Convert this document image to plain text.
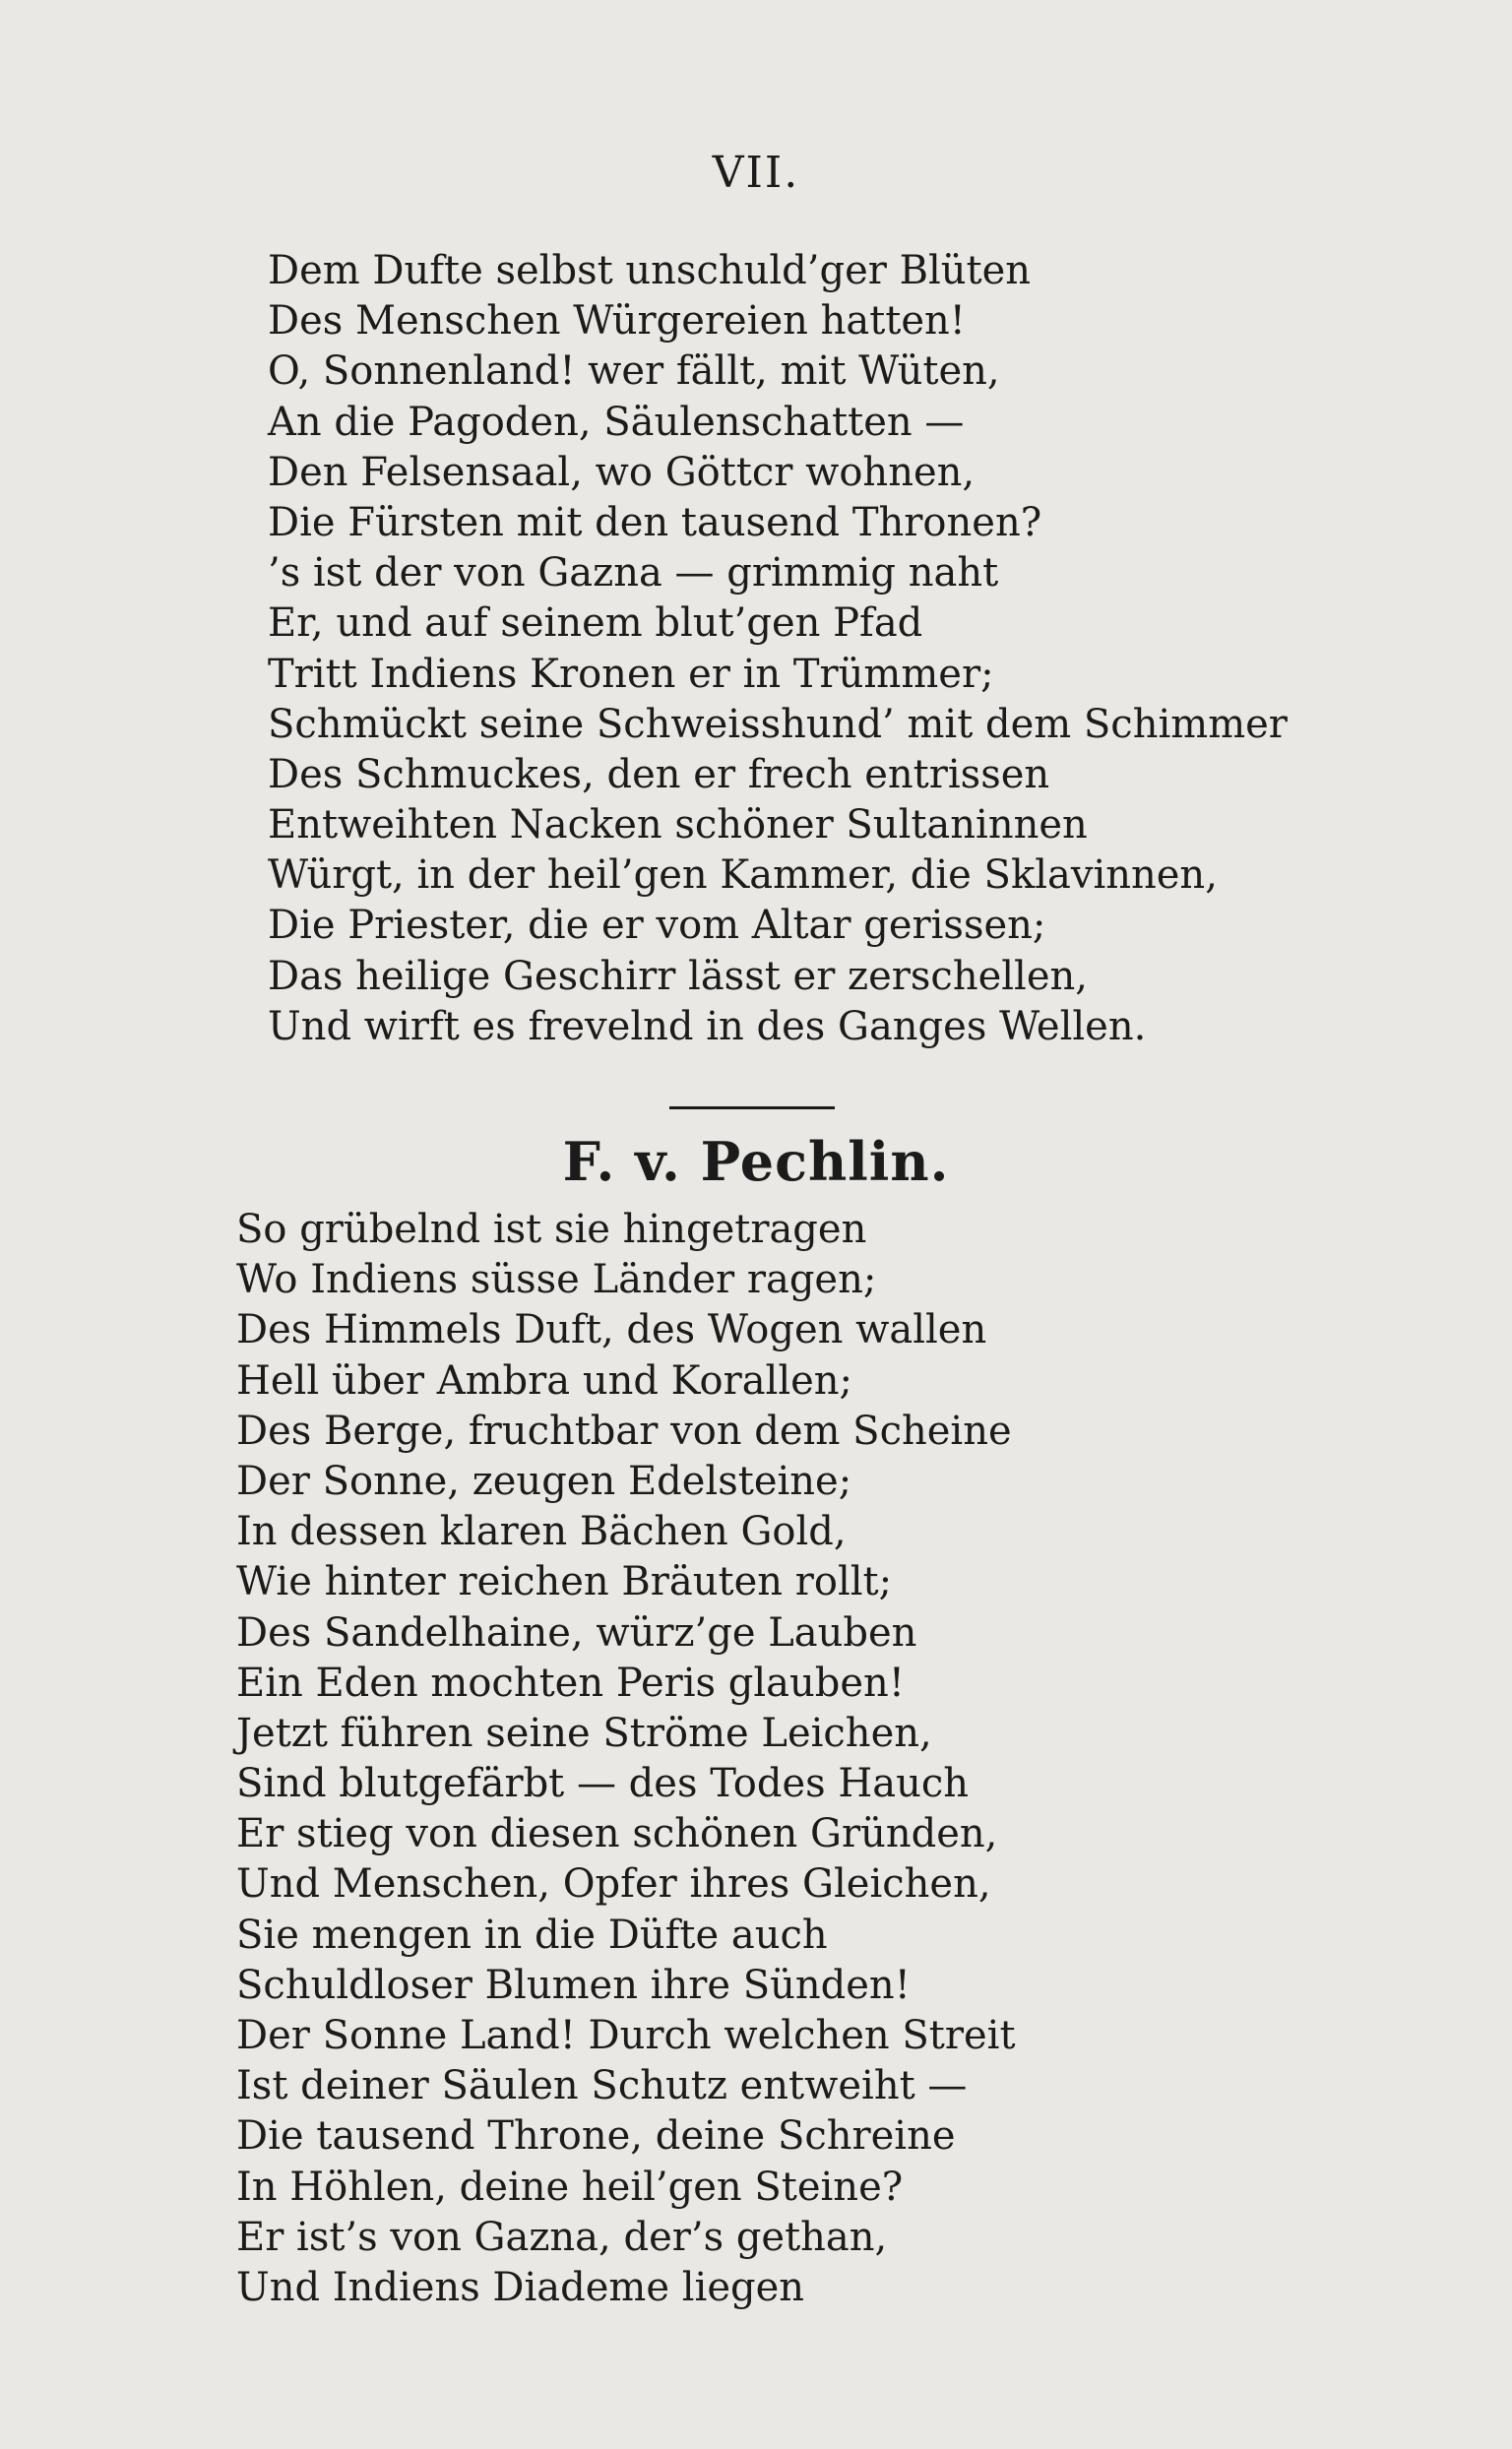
VII.
Dem Dufte selbst unschuld’ger Blüten
Des Menschen Würgereien hatten!
O, Sonnenland! wer fällt, mit Wüten,
An die Pagoden, Säulenschatten —
Den Felsensaal, wo Göttcr wohnen,
Die Fürsten mit den tausend Thronen?
’s ist der von Gazna — grimmig naht
Er, und auf seinem blut’gen Pfad
Tritt Indiens Kronen er in Trümmer;
Schmückt seine Schweisshund’ mit dem Schimmer
Des Schmuckes, den er frech entrissen
Entweihten Nacken schöner Sultaninnen
Würgt, in der heil’gen Kammer, die Sklavinnen,
Die Priester, die er vom Altar gerissen;
Das heilige Geschirr lässt er zerschellen,
Und wirft es frevelnd in des Ganges Wellen.
F. v. Pechlin.
So grübelnd ist sie hingetragen
Wo Indiens süsse Länder ragen;
Des Himmels Duft, des Wogen wallen
Hell über Ambra und Korallen;
Des Berge, fruchtbar von dem Scheine
Der Sonne, zeugen Edelsteine;
In dessen klaren Bächen Gold,
Wie hinter reichen Bräuten rollt;
Des Sandelhaine, würz’ge Lauben
Ein Eden mochten Peris glauben!
Jetzt führen seine Ströme Leichen,
Sind blutgefärbt — des Todes Hauch
Er stieg von diesen schönen Gründen,
Und Menschen, Opfer ihres Gleichen,
Sie mengen in die Düfte auch
Schuldloser Blumen ihre Sünden!
Der Sonne Land! Durch welchen Streit
Ist deiner Säulen Schutz entweiht —
Die tausend Throne, deine Schreine
In Höhlen, deine heil’gen Steine?
Er ist’s von Gazna, der’s gethan,
Und Indiens Diademe liegen
